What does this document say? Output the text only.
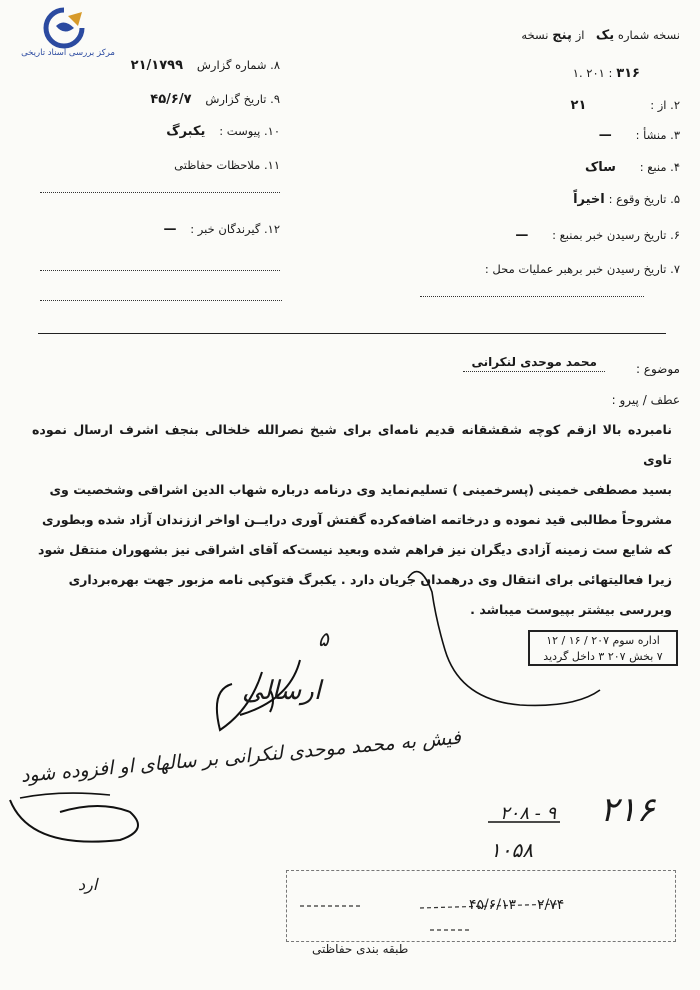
مرکز بررسی اسناد تاریخی
نسخه شماره یک   از پنج نسخه
۱. ۲۰۱ : ۳۱۶
۲. از : ۲۱
۳. منشأ : —
۴. منبع : ساک
۵. تاریخ وقوع : اخیراً
۶. تاریخ رسیدن خبر بمنبع : —
۷. تاریخ رسیدن خبر برهبر عملیات محل :
۸. شماره گزارش ۲۱/۱۷۹۹
۹. تاریخ گزارش ۴۵/۶/۷
۱۰. پیوست : یکبرگ
۱۱. ملاحظات حفاظتی
۱۲. گیرندگان خبر : —
موضوع :
محمد موحدی لنکرانی
عطف / پیرو :

نامبرده بالا ازقم کوچه شقشقانه قدیم نامه‌ای برای شیخ نصرالله خلخالی بنجف اشرف ارسال نموده تاوی

بسید مصطفی خمینی (پسرخمینی ) تسلیم‌نماید وی درنامه درباره شهاب الدین اشراقی وشخصیت وی

مشروحاً مطالبی قید نموده و درخاتمه اضافه‌کرده گفتش آوری درایــن اواخر اززندان آزاد شده وبطوری

که شایع ست زمینه آزادی دیگران نیز فراهم شده وبعید نیست‌که آقای اشراقی نیز بشهوران منتقل شود

زیرا فعالیتهائی برای انتقال وی درهمدان جریان دارد . یکبرگ فتوکپی نامه مزبور جهت بهره‌برداری

وبررسی بیشتر بپیوست میباشد .

اداره سوم ۲۰۷ / ۱۶ / ۱۲
۷ بخش ۲۰۷ ۳ داخل گردید
۵
ارسالی
فیش به محمد موحدی لنکرانی بر سالهای او افزوده شود
ارد
۲۰۸ - ۹
۱۰۵۸
۲۱۶
۴۵/۶/۱۳ ۲/۷۴
طبقه بندی حفاظتی
